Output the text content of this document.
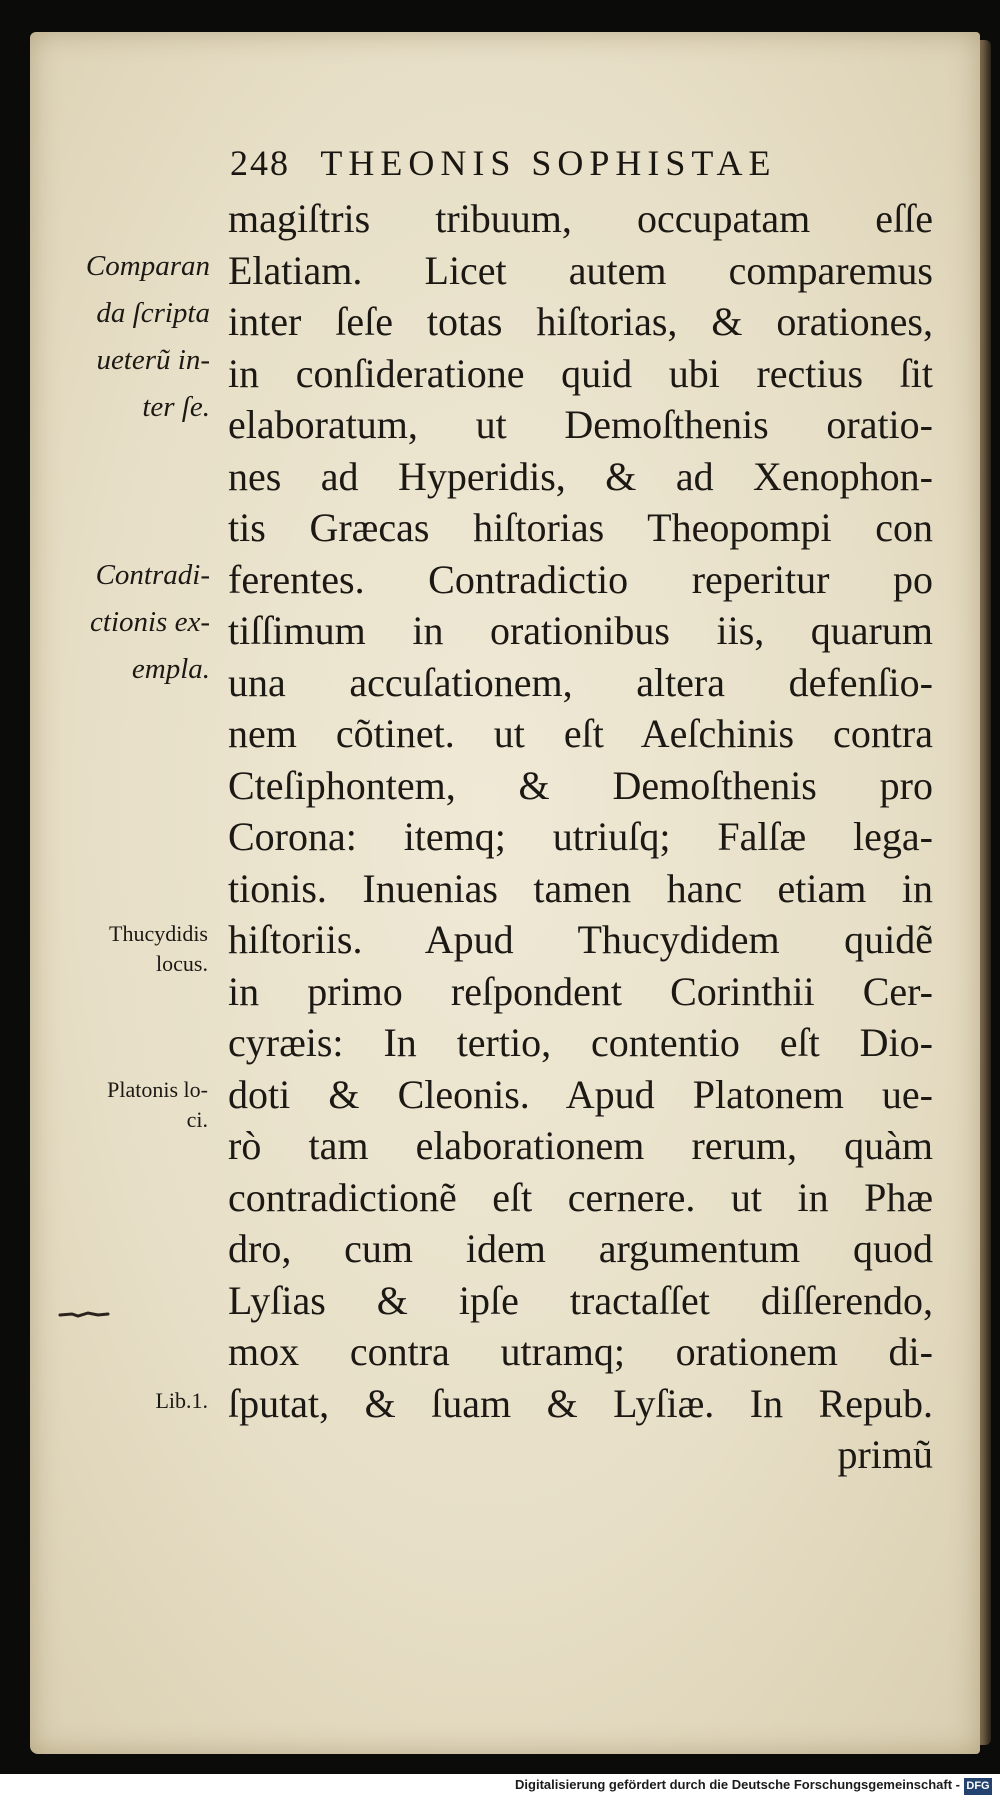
248 THEONIS SOPHISTAE
magiſtris tribuum, occupatam eſſe
Elatiam. Licet autem comparemus
inter ſeſe totas hiſtorias, & orationes,
in conſideratione quid ubi rectius ſit
elaboratum, ut Demoſthenis oratio-
nes ad Hyperidis, & ad Xenophon-
tis Græcas hiſtorias Theopompi con
ferentes. Contradictio reperitur po
tiſſimum in orationibus iis, quarum
una accuſationem, altera defenſio-
nem cõtinet. ut eſt Aeſchinis contra
Cteſiphontem, & Demoſthenis pro
Corona: itemq; utriuſq; Falſæ lega-
tionis. Inuenias tamen hanc etiam in
hiſtoriis. Apud Thucydidem quidẽ
in primo reſpondent Corinthii Cer-
cyræis: In tertio, contentio eſt Dio-
doti & Cleonis. Apud Platonem ue-
rò tam elaborationem rerum, quàm
contradictionẽ eſt cernere. ut in Phæ
dro, cum idem argumentum quod
Lyſias & ipſe tractaſſet diſſerendo,
mox contra utramq; orationem di-
ſputat, & ſuam & Lyſiæ. In Repub.
primũ
Comparan
da ſcripta
ueterũ in-
ter ſe.
Contradi-
ctionis ex-
empla.
Thucydidis
locus.
Platonis lo-
ci.
Lib.1.
Digitalisierung gefördert durch die Deutsche Forschungsgemeinschaft - DFG
